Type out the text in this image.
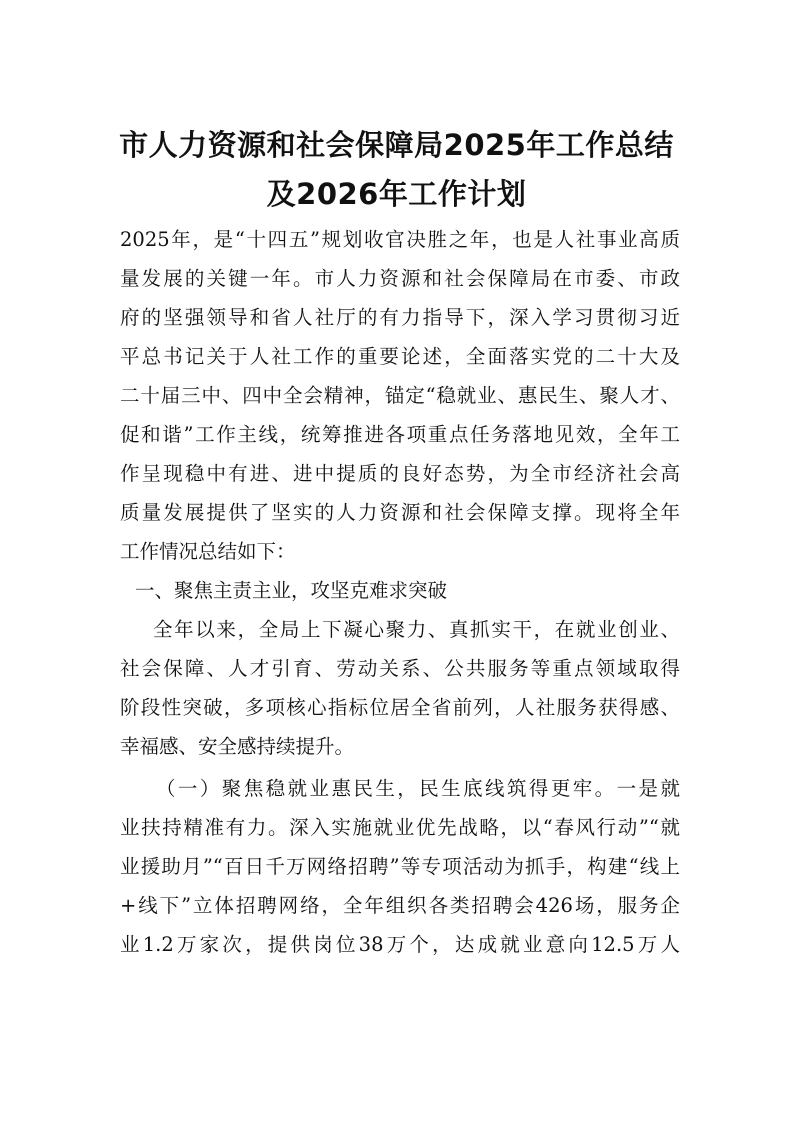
市人力资源和社会保障局2025年工作总结
及2026年工作计划
2025年，是“十四五”规划收官决胜之年，也是人社事业高质
量发展的关键一年。市人力资源和社会保障局在市委、市政
府的坚强领导和省人社厅的有力指导下，深入学习贯彻习近
平总书记关于人社工作的重要论述，全面落实党的二十大及
二十届三中、四中全会精神，锚定“稳就业、惠民生、聚人才、
促和谐”工作主线，统筹推进各项重点任务落地见效，全年工
作呈现稳中有进、进中提质的良好态势，为全市经济社会高
质量发展提供了坚实的人力资源和社会保障支撑。现将全年
工作情况总结如下：
一、聚焦主责主业，攻坚克难求突破
全年以来，全局上下凝心聚力、真抓实干，在就业创业、
社会保障、人才引育、劳动关系、公共服务等重点领域取得
阶段性突破，多项核心指标位居全省前列，人社服务获得感、
幸福感、安全感持续提升。
（一）聚焦稳就业惠民生，民生底线筑得更牢。一是就
业扶持精准有力。深入实施就业优先战略，以“春风行动”“就
业援助月”“百日千万网络招聘”等专项活动为抓手，构建“线上
+线下”立体招聘网络，全年组织各类招聘会426场，服务企
业1.2万家次，提供岗位38万个，达成就业意向12.5万人
